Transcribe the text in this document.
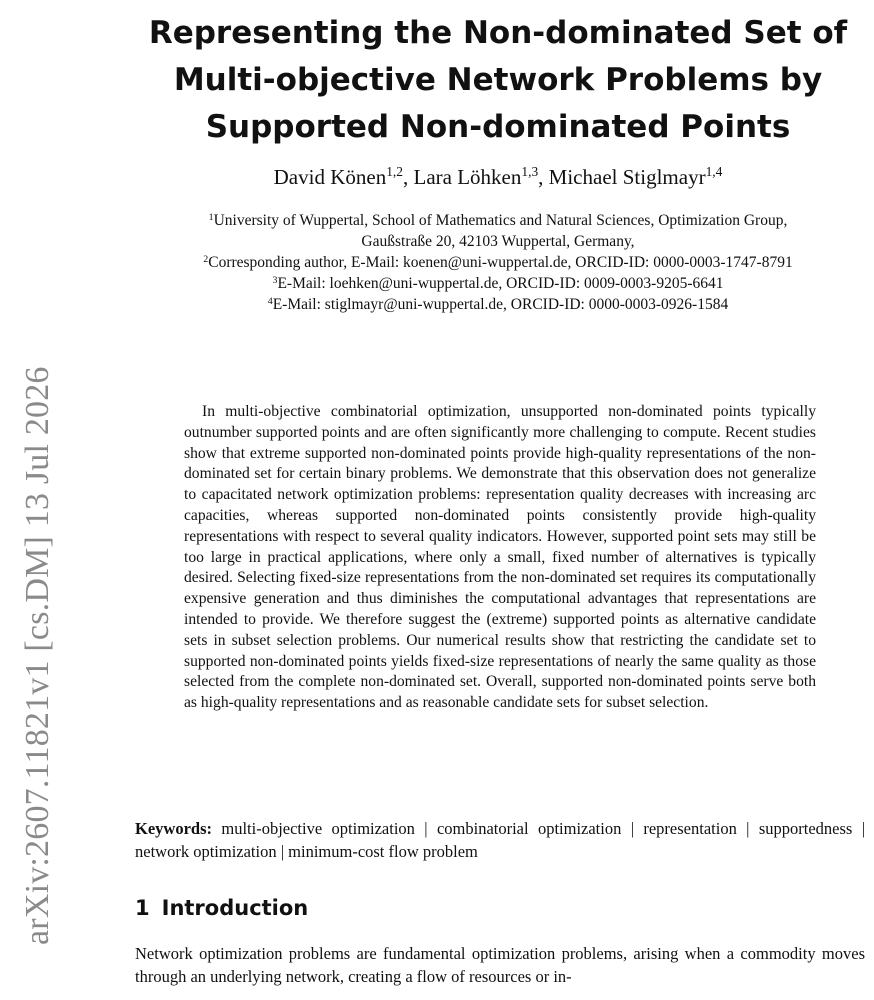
arXiv:2607.11821v1 [cs.DM] 13 Jul 2026
Representing the Non-dominated Set of
Multi-objective Network Problems by
Supported Non-dominated Points
David Könen$^{1,2}$, Lara Löhken$^{1,3}$, Michael Stiglmayr$^{1,4}$
$^1$University of Wuppertal, School of Mathematics and Natural Sciences, Optimization Group,
Gaußstraße 20, 42103 Wuppertal, Germany,
$^2$Corresponding author, E-Mail: koenen@uni-wuppertal.de, ORCID-ID: 0000-0003-1747-8791
$^3$E-Mail: loehken@uni-wuppertal.de, ORCID-ID: 0009-0003-9205-6641
$^4$E-Mail: stiglmayr@uni-wuppertal.de, ORCID-ID: 0000-0003-0926-1584
In multi-objective combinatorial optimization, unsupported non-dominated points typically outnumber supported points and are often significantly more challenging to compute. Recent studies show that extreme supported non-dominated points provide high-quality representations of the non-dominated set for certain binary problems. We demonstrate that this observation does not generalize to capacitated network optimization problems: representation quality decreases with increasing arc capacities, whereas supported non-dominated points consistently provide high-quality representations with respect to several quality indicators. However, supported point sets may still be too large in practical applications, where only a small, fixed number of alternatives is typically desired. Selecting fixed-size representations from the non-dominated set requires its computationally expensive generation and thus diminishes the computational advantages that representations are intended to provide. We therefore suggest the (extreme) supported points as alternative candidate sets in subset selection problems. Our numerical results show that restricting the candidate set to supported non-dominated points yields fixed-size representations of nearly the same quality as those selected from the complete non-dominated set. Overall, supported non-dominated points serve both as high-quality representations and as reasonable candidate sets for subset selection.
Keywords: multi-objective optimization | combinatorial optimization | representation | supportedness | network optimization | minimum-cost flow problem
1 Introduction
Network optimization problems are fundamental optimization problems, arising when a commodity moves through an underlying network, creating a flow of resources or in-
